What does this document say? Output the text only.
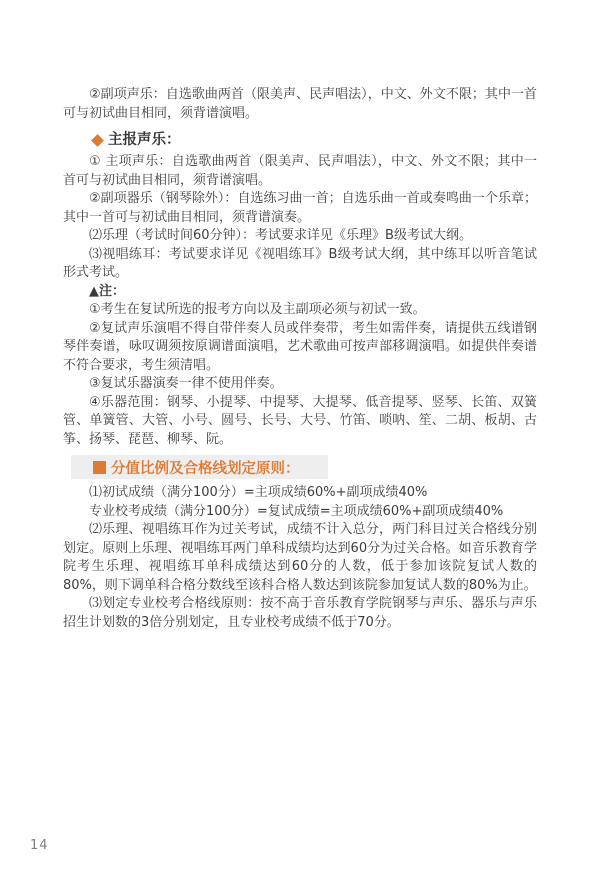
②副项声乐：自选歌曲两首（限美声、民声唱法），中文、外文不限；其中一首可与初试曲目相同，须背谱演唱。

主报声乐：

① 主项声乐：自选歌曲两首（限美声、民声唱法），中文、外文不限；其中一首可与初试曲目相同，须背谱演唱。

②副项器乐（钢琴除外）：自选练习曲一首；自选乐曲一首或奏鸣曲一个乐章；其中一首可与初试曲目相同，须背谱演奏。

⑵乐理（考试时间60分钟）：考试要求详见《乐理》B级考试大纲。

⑶视唱练耳：考试要求详见《视唱练耳》B级考试大纲，其中练耳以听音笔试形式考试。

▲注：

①考生在复试所选的报考方向以及主副项必须与初试一致。

②复试声乐演唱不得自带伴奏人员或伴奏带，考生如需伴奏，请提供五线谱钢琴伴奏谱，咏叹调须按原调谱面演唱，艺术歌曲可按声部移调演唱。如提供伴奏谱不符合要求，考生须清唱。

③复试乐器演奏一律不使用伴奏。

④乐器范围：钢琴、小提琴、中提琴、大提琴、低音提琴、竖琴、长笛、双簧管、单簧管、大管、小号、圆号、长号、大号、竹笛、唢呐、笙、二胡、板胡、古筝、扬琴、琵琶、柳琴、阮。

分值比例及合格线划定原则：

⑴初试成绩（满分100分）=主项成绩60%+副项成绩40%

专业校考成绩（满分100分）=复试成绩=主项成绩60%+副项成绩40%

⑵乐理、视唱练耳作为过关考试，成绩不计入总分，两门科目过关合格线分别划定。原则上乐理、视唱练耳两门单科成绩均达到60分为过关合格。如音乐教育学院考生乐理、视唱练耳单科成绩达到60分的人数，低于参加该院复试人数的80%，则下调单科合格分数线至该科合格人数达到该院参加复试人数的80%为止。

⑶划定专业校考合格线原则：按不高于音乐教育学院钢琴与声乐、器乐与声乐招生计划数的3倍分别划定，且专业校考成绩不低于70分。

14
